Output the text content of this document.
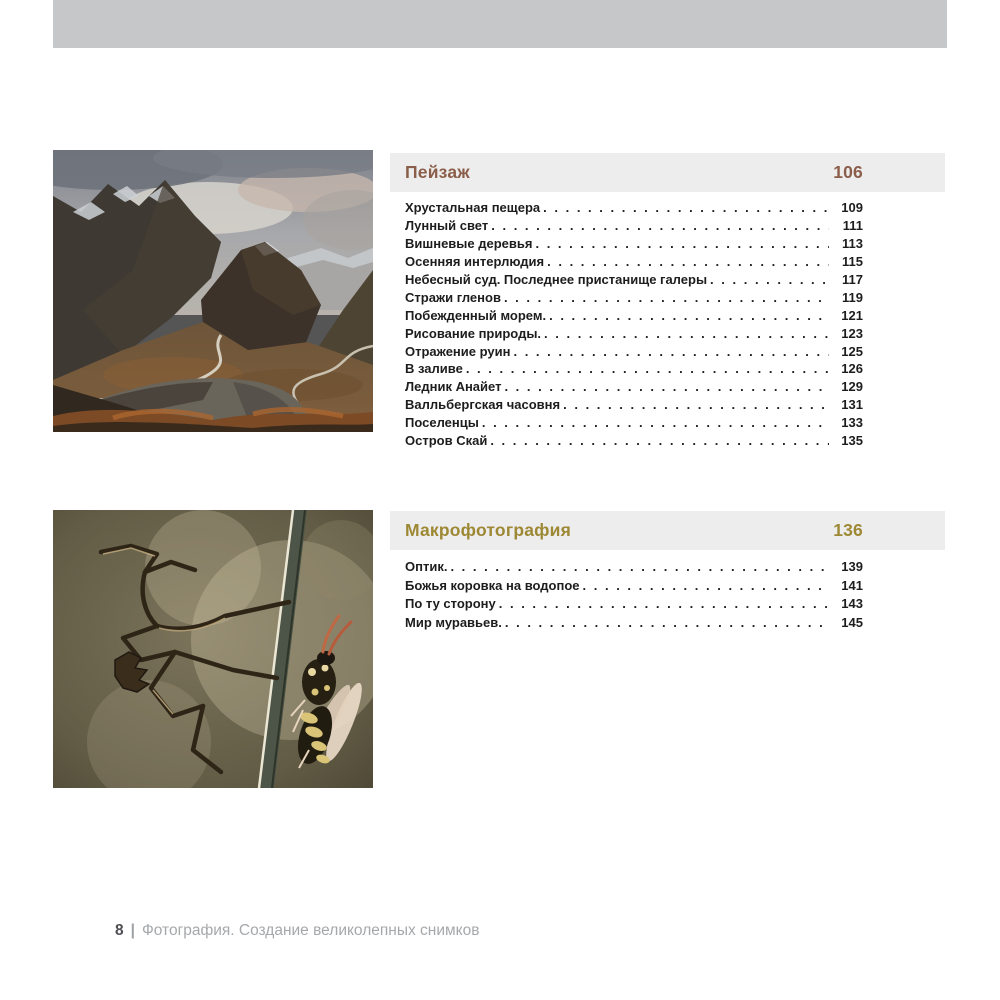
Пейзаж	106
Хрустальная пещера . . .	109
Лунный свет . . .	111
Вишневые деревья . . .	113
Осенняя интерлюдия . . .	115
Небесный суд. Последнее пристанище галеры . . .	117
Стражи гленов . . .	119
Побежденный морем. . . .	121
Рисование природы. . . .	123
Отражение руин . . .	125
В заливе . . .	126
Ледник Анайет . . .	129
Валльбергская часовня . . .	131
Поселенцы . . .	133
Остров Скай . . .	135
Макрофотография	136
Оптик. . . .	139
Божья коровка на водопое . . .	141
По ту сторону . . .	143
Мир муравьев. . . .	145
8 | Фотография. Создание великолепных снимков
